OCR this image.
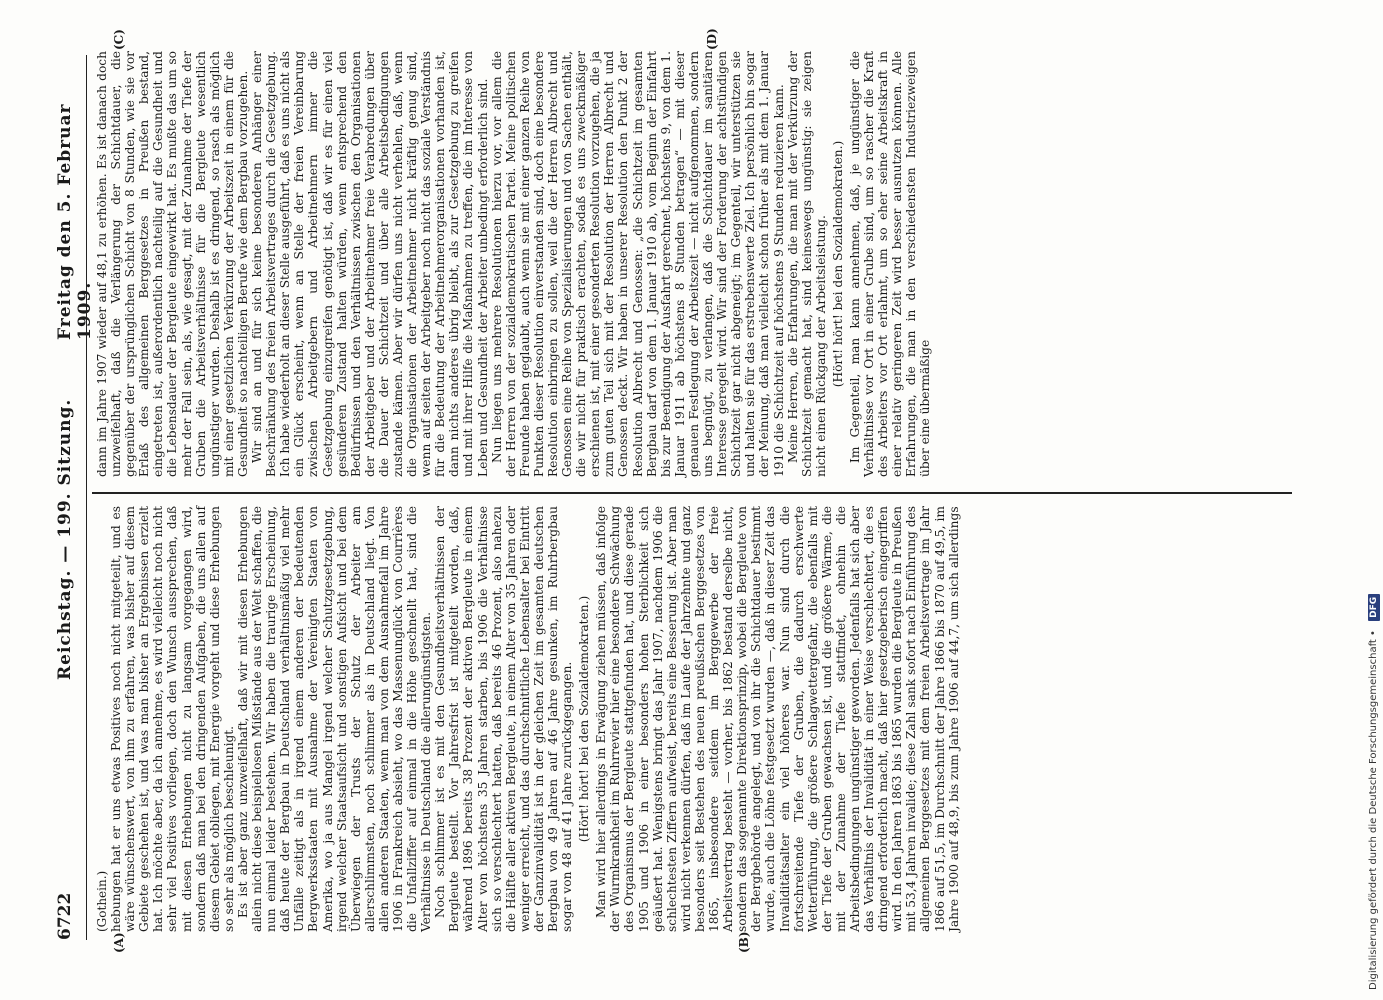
6722
Reichstag. — 199. Sitzung.
Freitag den 5. Februar 1909.
(A)	(B)
(C)	(D)

(Gothein.) hebungen hat er uns etwas Positives noch nicht mitgeteilt, und es wäre wünschenswert, von ihm zu erfahren, was bisher auf diesem Gebiete geschehen ist, und was man bisher an Ergebnissen erzielt hat. Ich möchte aber, da ich annehme, es wird vielleicht noch nicht sehr viel Positives vorliegen, doch den Wunsch aussprechen, daß mit diesen Erhebungen nicht zu langsam vorgegangen wird, sondern daß man bei den dringenden Aufgaben, die uns allen auf diesem Gebiet obliegen, mit Energie vorgeht und diese Erhebungen so sehr als möglich beschleunigt. Es ist aber ganz unzweifelhaft, daß wir mit diesen Erhebungen allein nicht diese beispiellosen Mißstände aus der Welt schaffen, die nun einmal leider bestehen. Wir haben die traurige Erscheinung, daß heute der Bergbau in Deutschland verhältnismäßig viel mehr Unfälle zeitigt als in irgend einem anderen der bedeutenden Bergwerksstaaten mit Ausnahme der Vereinigten Staaten von Amerika, wo ja aus Mangel irgend welcher Schutzgesetzgebung, irgend welcher Staatsaufsicht und sonstigen Aufsicht und bei dem Überwiegen der Trusts der Schutz der Arbeiter am allerschlimmsten, noch schlimmer als in Deutschland liegt. Von allen anderen Staaten, wenn man von dem Ausnahmefall im Jahre 1906 in Frankreich absieht, wo das Massenunglück von Courrières die Unfallziffer auf einmal in die Höhe geschnellt hat, sind die Verhältnisse in Deutschland die allerungünstigsten. Noch schlimmer ist es mit den Gesundheitsverhältnissen der Bergleute bestellt. Vor Jahresfrist ist mitgeteilt worden, daß, während 1896 bereits 38 Prozent der aktiven Bergleute in einem Alter von höchstens 35 Jahren starben, bis 1906 die Verhältnisse sich so verschlechtert hatten, daß bereits 46 Prozent, also nahezu die Hälfte aller aktiven Bergleute, in einem Alter von 35 Jahren oder weniger erreicht, und das durchschnittliche Lebensalter bei Eintritt der Ganzinvalidität ist in der gleichen Zeit im gesamten deutschen Bergbau von 49 Jahren auf 46 Jahre gesunken, im Ruhrbergbau sogar von 48 auf 41 Jahre zurückgegangen. (Hört! hört! bei den Sozialdemokraten.) Man wird hier allerdings in Erwägung ziehen müssen, daß infolge der Wurmkrankheit im Ruhrrevier hier eine besondere Schwächung des Organismus der Bergleute stattgefunden hat, und diese gerade 1905 und 1906 in einer besonders hohen Sterblichkeit sich geäußert hat. Wenigstens bringt das Jahr 1907, nachdem 1906 die schlechtesten Ziffern aufweist, bereits eine Besserung ist. Aber man wird nicht verkennen dürfen, daß im Laufe der Jahrzehnte und ganz besonders seit Bestehen des neuen preußischen Berggesetzes von 1865, insbesondere seitdem im Berggewerbe der freie Arbeitsvertrag besteht — vorher, bis 1862 bestand derselbe nicht, sondern das sogenannte Direktionsprinzip, wobei die Bergleute von der Bergbehörde angelegt, und von ihr die Schichtdauer bestimmt wurde, auch die Löhne festgesetzt wurden —, daß in dieser Zeit das Invaliditätsalter ein viel höheres war. Nun sind durch die fortschreitende Tiefe der Gruben, die dadurch erschwerte Wetterführung, die größere Schlagwettergefahr, die ebenfalls mit der Tiefe der Gruben gewachsen ist, und die größere Wärme, die mit der Zunahme der Tiefe stattfindet, ohnehin die Arbeitsbedingungen ungünstiger geworden. Jedenfalls hat sich aber das Verhältnis der Invalidität in einer Weise verschlechtert, die es dringend erforderlich macht, daß hier gesetzgeberisch eingegriffen wird. In den Jahren 1863 bis 1865 wurden die Bergleute in Preußen mit 53,4 Jahren invalide; diese Zahl sank sofort nach Einführung des allgemeinen Berggesetzes mit dem freien Arbeitsvertrage im Jahr 1866 auf 51,5, im Durchschnitt der Jahre 1866 bis 1870 auf 49,5, im Jahre 1900 auf 48,9, bis zum Jahre 1906 auf 44,7, um sich allerdings

dann im Jahre 1907 wieder auf 48,1 zu erhöhen. Es ist danach doch unzweifelhaft, daß die Verlängerung der Schichtdauer, die gegenüber der ursprünglichen Schicht von 8 Stunden, wie sie vor Erlaß des allgemeinen Berggesetzes in Preußen bestand, eingetreten ist, außerordentlich nachteilig auf die Gesundheit und die Lebensdauer der Bergleute eingewirkt hat. Es mußte das um so mehr der Fall sein, als, wie gesagt, mit der Zunahme der Tiefe der Gruben die Arbeitsverhältnisse für die Bergleute wesentlich ungünstiger wurden. Deshalb ist es dringend, so rasch als möglich mit einer gesetzlichen Verkürzung der Arbeitszeit in einem für die Gesundheit so nachteiligen Berufe wie dem Bergbau vorzugehen. Wir sind an und für sich keine besonderen Anhänger einer Beschränkung des freien Arbeitsvertrages durch die Gesetzgebung. Ich habe wiederholt an dieser Stelle ausgeführt, daß es uns nicht als ein Glück erscheint, wenn an Stelle der freien Vereinbarung zwischen Arbeitgebern und Arbeitnehmern immer die Gesetzgebung einzugreifen genötigt ist, daß wir es für einen viel gesünderen Zustand halten würden, wenn entsprechend den Bedürfnissen und den Verhältnissen zwischen den Organisationen der Arbeitgeber und der Arbeitnehmer freie Verabredungen über die Dauer der Schichtzeit und über alle Arbeitsbedingungen zustande kämen. Aber wir dürfen uns nicht verhehlen, daß, wenn die Organisationen der Arbeitnehmer nicht kräftig genug sind, wenn auf seiten der Arbeitgeber noch nicht das soziale Verständnis für die Bedeutung der Arbeitnehmerorganisationen vorhanden ist, dann nichts anderes übrig bleibt, als zur Gesetzgebung zu greifen und mit ihrer Hilfe die Maßnahmen zu treffen, die im Interesse von Leben und Gesundheit der Arbeiter unbedingt erforderlich sind. Nun liegen uns mehrere Resolutionen hierzu vor, vor allem die der Herren von der sozialdemokratischen Partei. Meine politischen Freunde haben geglaubt, auch wenn sie mit einer ganzen Reihe von Punkten dieser Resolution einverstanden sind, doch eine besondere Resolution einbringen zu sollen, weil die der Herren Albrecht und Genossen eine Reihe von Spezialisierungen und von Sachen enthält, die wir nicht für praktisch erachten, sodaß es uns zweckmäßiger erschienen ist, mit einer gesonderten Resolution vorzugehen, die ja zum guten Teil sich mit der Resolution der Herren Albrecht und Genossen deckt. Wir haben in unserer Resolution den Punkt 2 der Resolution Albrecht und Genossen: „die Schichtzeit im gesamten Bergbau darf von dem 1. Januar 1910 ab, vom Beginn der Einfahrt bis zur Beendigung der Ausfahrt gerechnet, höchstens 9, von dem 1. Januar 1911 ab höchstens 8 Stunden betragen“ — mit dieser genauen Festlegung der Arbeitszeit — nicht aufgenommen, sondern uns begnügt, zu verlangen, daß die Schichtdauer im sanitären Interesse geregelt wird. Wir sind der Forderung der achtstündigen Schichtzeit gar nicht abgeneigt; im Gegenteil, wir unterstützen sie und halten sie für das erstrebenswerte Ziel. Ich persönlich bin sogar der Meinung, daß man vielleicht schon früher als mit dem 1. Januar 1910 die Schichtzeit auf höchstens 9 Stunden reduzieren kann. Meine Herren, die Erfahrungen, die man mit der Verkürzung der Schichtzeit gemacht hat, sind keineswegs ungünstig: sie zeigen nicht einen Rückgang der Arbeitsleistung. (Hört! hört! bei den Sozialdemokraten.) Im Gegenteil, man kann annehmen, daß, je ungünstiger die Verhältnisse vor Ort in einer Grube sind, um so rascher die Kraft des Arbeiters vor Ort erlahmt, um so eher seine Arbeitskraft in einer relativ geringeren Zeit wird besser ausnutzen können. Alle Erfahrungen, die man in den verschiedensten Industriezweigen über eine übermäßige

Digitalisierung gefördert durch die Deutsche Forschungsgemeinschaft • DFG
